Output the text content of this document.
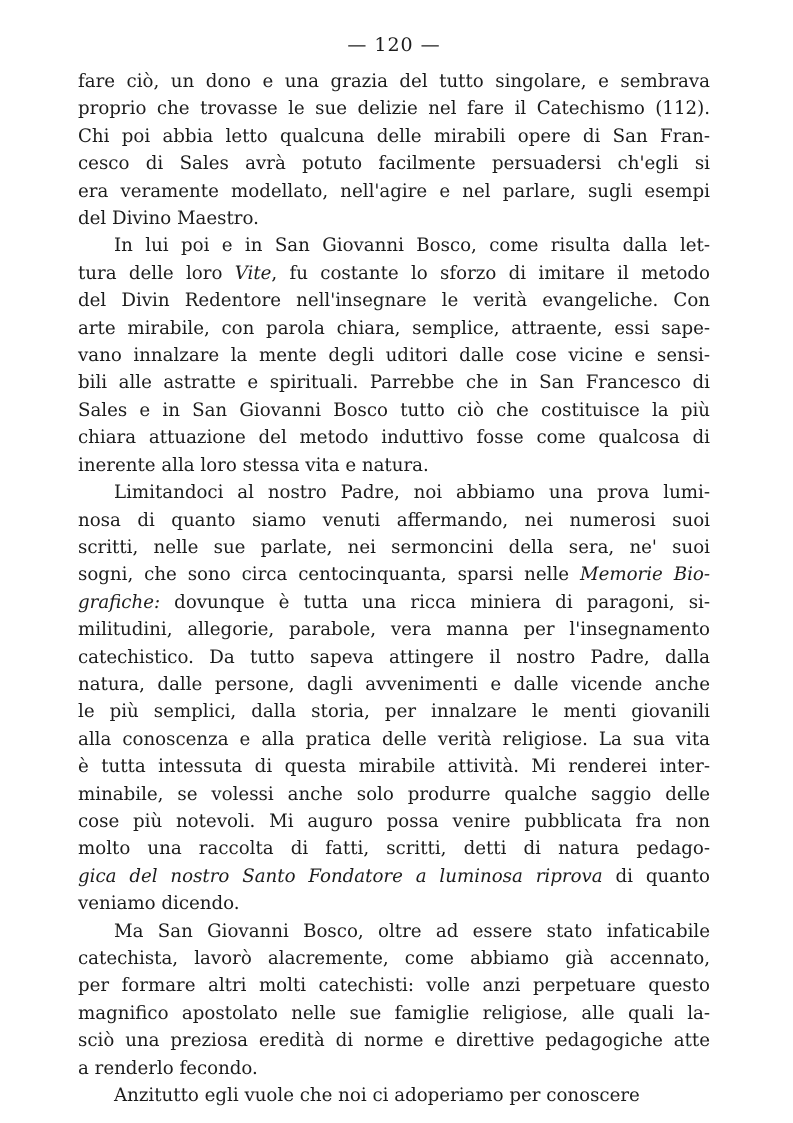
— 120 —
fare ciò, un dono e una grazia del tutto singolare, e sembrava
proprio che trovasse le sue delizie nel fare il Catechismo (112).
Chi poi abbia letto qualcuna delle mirabili opere di San Fran-
cesco di Sales avrà potuto facilmente persuadersi ch'egli si
era veramente modellato, nell'agire e nel parlare, sugli esempi
del Divino Maestro.
In lui poi e in San Giovanni Bosco, come risulta dalla let-
tura delle loro Vite, fu costante lo sforzo di imitare il metodo
del Divin Redentore nell'insegnare le verità evangeliche. Con
arte mirabile, con parola chiara, semplice, attraente, essi sape-
vano innalzare la mente degli uditori dalle cose vicine e sensi-
bili alle astratte e spirituali. Parrebbe che in San Francesco di
Sales e in San Giovanni Bosco tutto ciò che costituisce la più
chiara attuazione del metodo induttivo fosse come qualcosa di
inerente alla loro stessa vita e natura.
Limitandoci al nostro Padre, noi abbiamo una prova lumi-
nosa di quanto siamo venuti affermando, nei numerosi suoi
scritti, nelle sue parlate, nei sermoncini della sera, ne' suoi
sogni, che sono circa centocinquanta, sparsi nelle Memorie Bio-
grafiche: dovunque è tutta una ricca miniera di paragoni, si-
militudini, allegorie, parabole, vera manna per l'insegnamento
catechistico. Da tutto sapeva attingere il nostro Padre, dalla
natura, dalle persone, dagli avvenimenti e dalle vicende anche
le più semplici, dalla storia, per innalzare le menti giovanili
alla conoscenza e alla pratica delle verità religiose. La sua vita
è tutta intessuta di questa mirabile attività. Mi renderei inter-
minabile, se volessi anche solo produrre qualche saggio delle
cose più notevoli. Mi auguro possa venire pubblicata fra non
molto una raccolta di fatti, scritti, detti di natura pedago-
gica del nostro Santo Fondatore a luminosa riprova di quanto
veniamo dicendo.
Ma San Giovanni Bosco, oltre ad essere stato infaticabile
catechista, lavorò alacremente, come abbiamo già accennato,
per formare altri molti catechisti: volle anzi perpetuare questo
magnifico apostolato nelle sue famiglie religiose, alle quali la-
sciò una preziosa eredità di norme e direttive pedagogiche atte
a renderlo fecondo.
Anzitutto egli vuole che noi ci adoperiamo per conoscere
